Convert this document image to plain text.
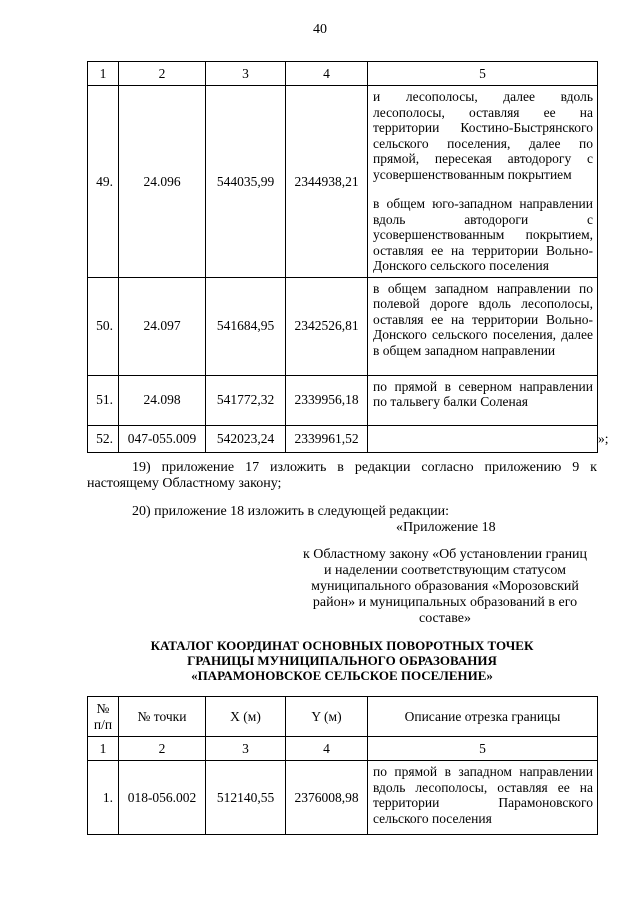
40
1	2	3	4	5
49.	24.096	544035,99	2344938,21	и лесополосы, далее вдоль лесополосы, оставляя ее на территории Костино-Быстрянского сельского поселения, далее по прямой, пересекая автодорогу с усовершенствованным покрытием
в общем юго-западном направлении вдоль автодороги с усовершенствованным покрытием, оставляя ее на территории Вольно-Донского сельского поселения

50.	24.097	541684,95	2342526,81	в общем западном направлении по полевой дороге вдоль лесополосы, оставляя ее на территории Вольно-Донского сельского поселения, далее в общем западном направлении
51.	24.098	541772,32	2339956,18	по прямой в северном направлении по тальвегу балки Соленая
52.	047-055.009	542023,24	2339961,52		»;
19) приложение 17 изложить в редакции согласно приложению 9 к настоящему Областному закону;
20) приложение 18 изложить в следующей редакции:
«Приложение 18
к Областному закону «Об установлении границ и наделении соответствующим статусом муниципального образования «Морозовский район» и муниципальных образований в его составе»
КАТАЛОГ КООРДИНАТ ОСНОВНЫХ ПОВОРОТНЫХ ТОЧЕК
ГРАНИЦЫ МУНИЦИПАЛЬНОГО ОБРАЗОВАНИЯ
«ПАРАМОНОВСКОЕ СЕЛЬСКОЕ ПОСЕЛЕНИЕ»
№
п/п	№ точки	X (м)	Y (м)	Описание отрезка границы
1	2	3	4	5
1.	018-056.002	512140,55	2376008,98	по прямой в западном направлении вдоль лесополосы, оставляя ее на территории Парамоновского сельского поселения
